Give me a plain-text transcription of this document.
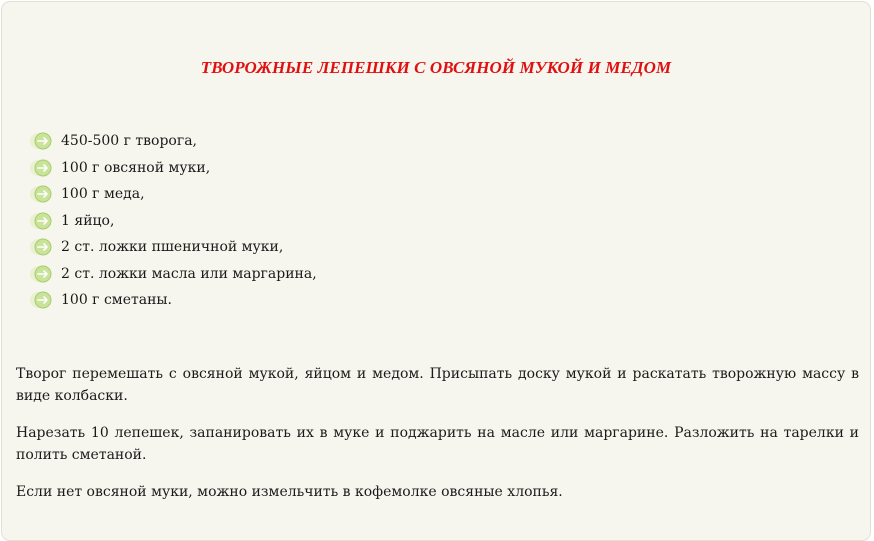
ТВОРОЖНЫЕ ЛЕПЕШКИ С ОВСЯНОЙ МУКОЙ И МЕДОМ
450-500 г творога,
100 г овсяной муки,
100 г меда,
1 яйцо,
2 ст. ложки пшеничной муки,
2 ст. ложки масла или маргарина,
100 г сметаны.

Творог перемешать с овсяной мукой, яйцом и медом. Присыпать доску мукой и раскатать творожную массу в виде колбаски.

Нарезать 10 лепешек, запанировать их в муке и поджарить на масле или маргарине. Разложить на тарелки и полить сметаной.

Если нет овсяной муки, можно измельчить в кофемолке овсяные хлопья.
